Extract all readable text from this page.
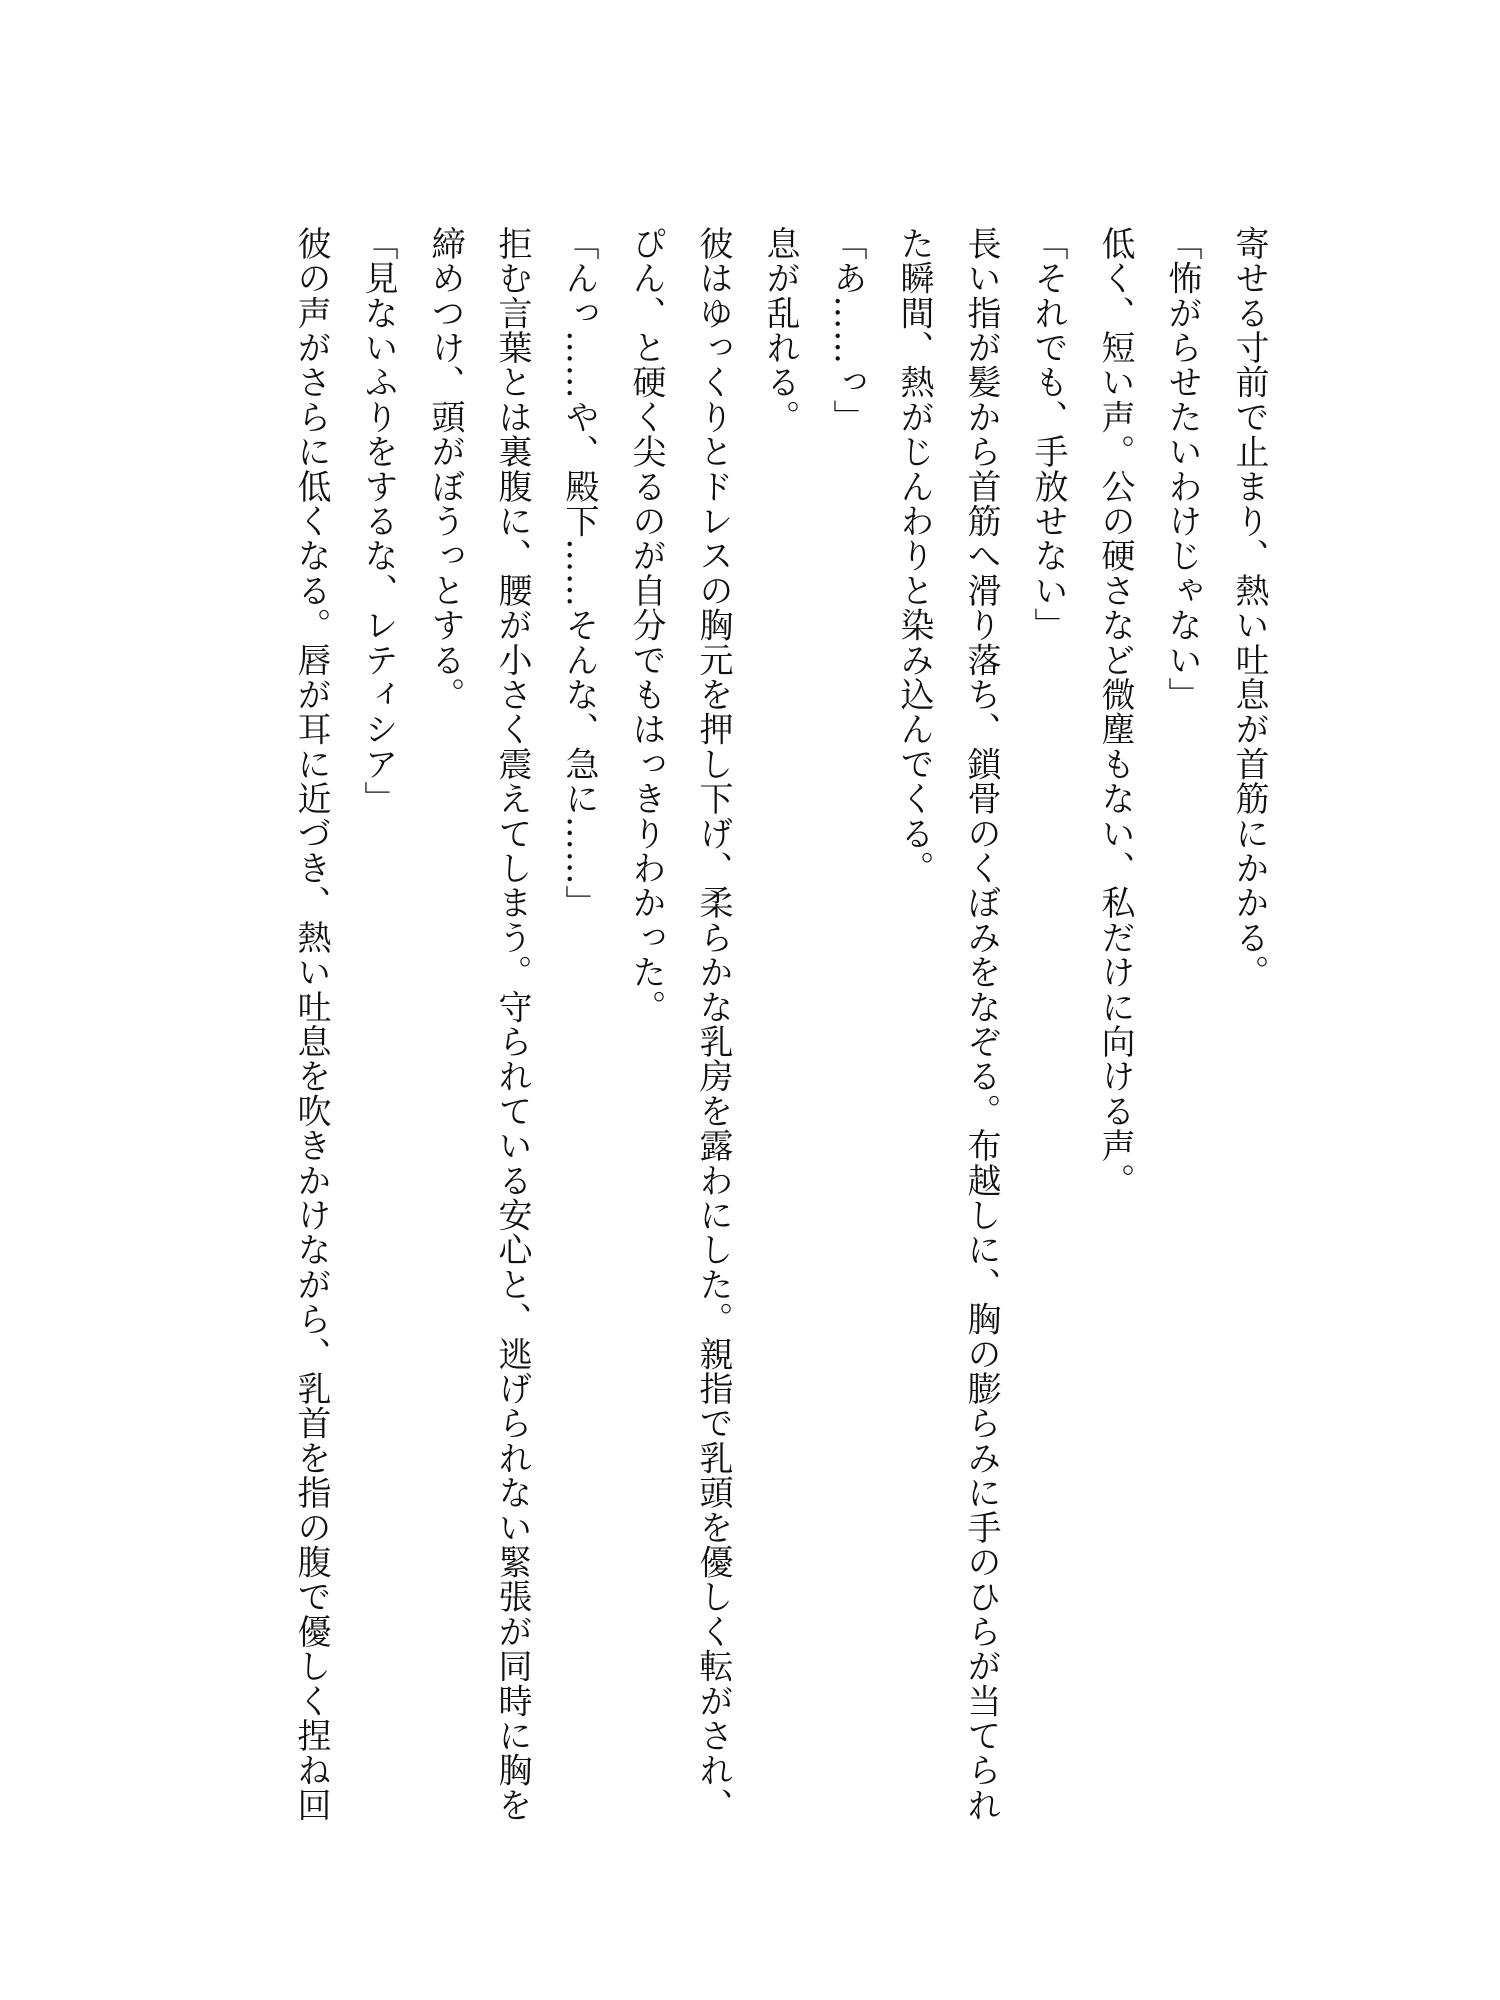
寄せる寸前で止まり、熱い吐息が首筋にかかる。

「怖がらせたいわけじゃない」

低く、短い声。公の硬さなど微塵もない、私だけに向ける声。

「それでも、手放せない」

長い指が髪から首筋へ滑り落ち、鎖骨のくぼみをなぞる。布越しに、胸の膨らみに手のひらが当てられ

た瞬間、熱がじんわりと染み込んでくる。

「あ……っ」

息が乱れる。

彼はゆっくりとドレスの胸元を押し下げ、柔らかな乳房を露わにした。親指で乳頭を優しく転がされ、

ぴん、と硬く尖るのが自分でもはっきりわかった。

「んっ……や、殿下……そんな、急に……」

拒む言葉とは裏腹に、腰が小さく震えてしまう。守られている安心と、逃げられない緊張が同時に胸を

締めつけ、頭がぼうっとする。

「見ないふりをするな、レティシア」

彼の声がさらに低くなる。唇が耳に近づき、熱い吐息を吹きかけながら、乳首を指の腹で優しく捏ね回
